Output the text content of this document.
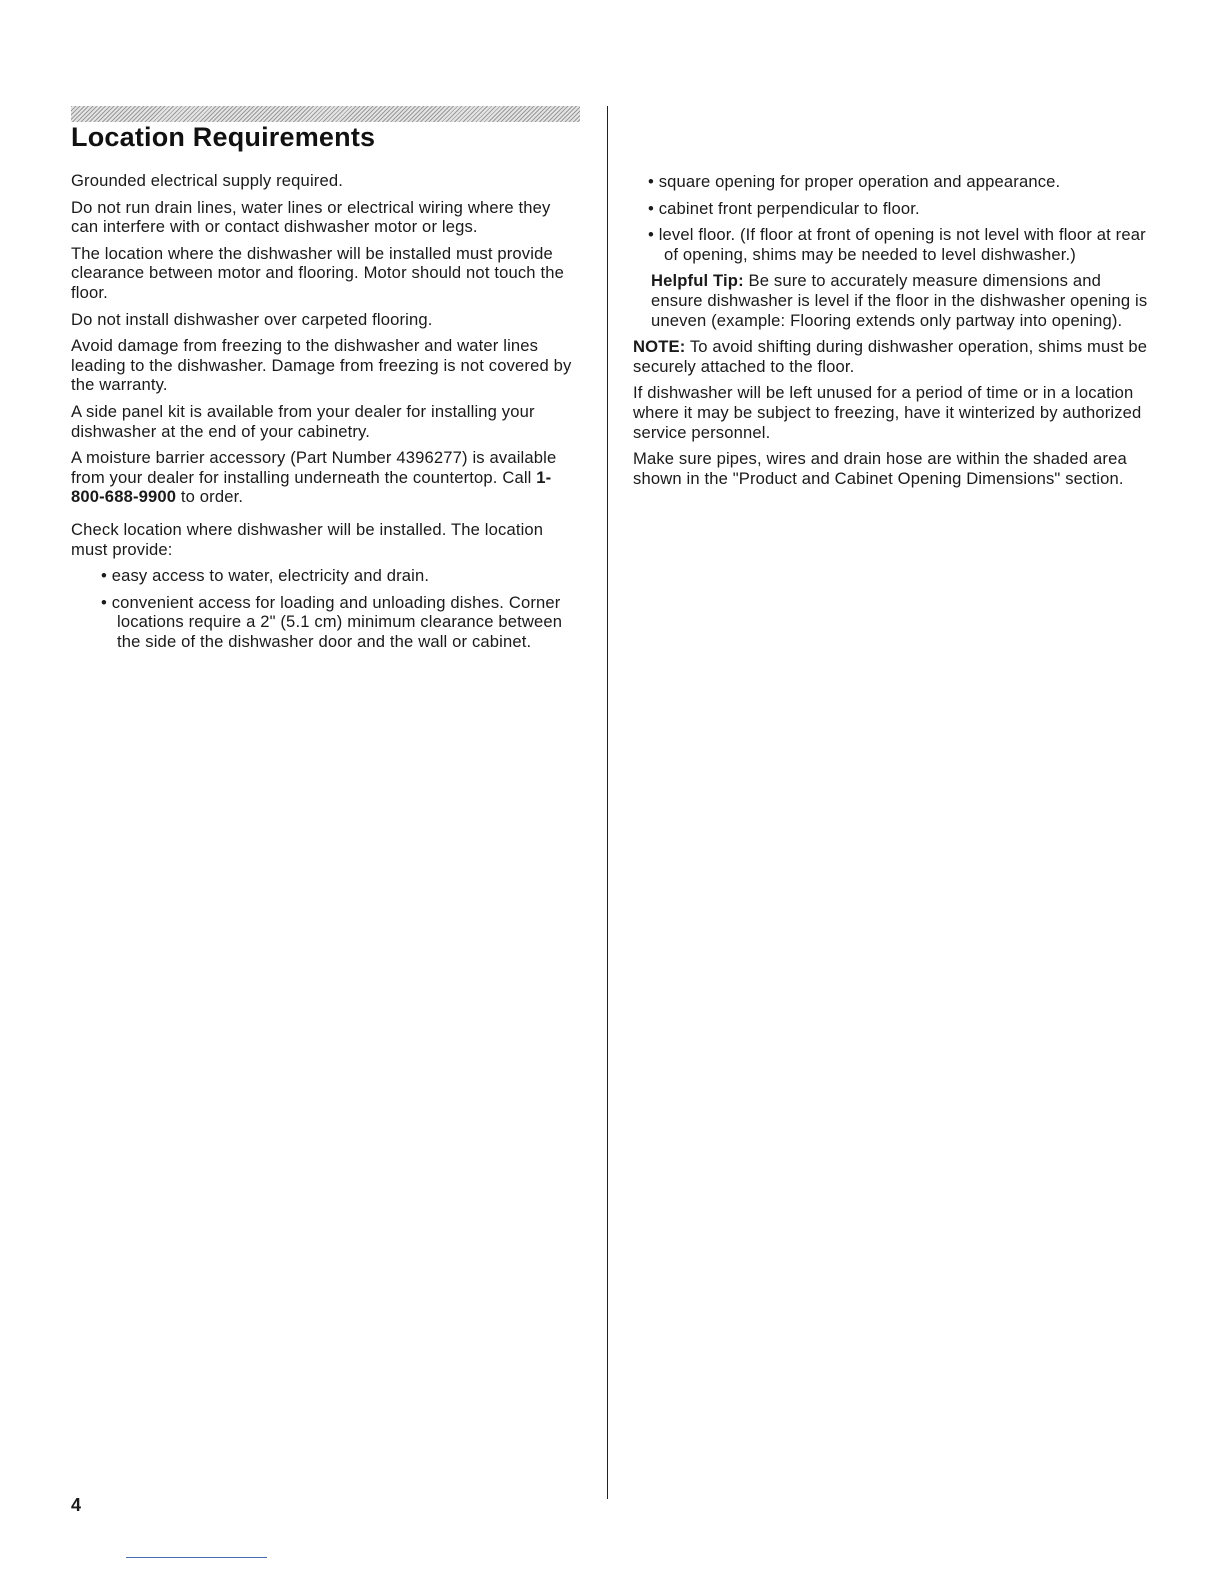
Location Requirements

Grounded electrical supply required.

Do not run drain lines, water lines or electrical wiring where they can interfere with or contact dishwasher motor or legs.

The location where the dishwasher will be installed must provide clearance between motor and flooring. Motor should not touch the floor.

Do not install dishwasher over carpeted flooring.

Avoid damage from freezing to the dishwasher and water lines leading to the dishwasher. Damage from freezing is not covered by the warranty.

A side panel kit is available from your dealer for installing your dishwasher at the end of your cabinetry.

A moisture barrier accessory (Part Number 4396277) is available from your dealer for installing underneath the countertop. Call 1-800-688-9900 to order.

Check location where dishwasher will be installed. The location must provide:

• easy access to water, electricity and drain.

• convenient access for loading and unloading dishes. Corner locations require a 2" (5.1 cm) minimum clearance between the side of the dishwasher door and the wall or cabinet.

• square opening for proper operation and appearance.

• cabinet front perpendicular to floor.

• level floor. (If floor at front of opening is not level with floor at rear of opening, shims may be needed to level dishwasher.)

Helpful Tip: Be sure to accurately measure dimensions and ensure dishwasher is level if the floor in the dishwasher opening is uneven (example: Flooring extends only partway into opening).

NOTE: To avoid shifting during dishwasher operation, shims must be securely attached to the floor.

If dishwasher will be left unused for a period of time or in a location where it may be subject to freezing, have it winterized by authorized service personnel.

Make sure pipes, wires and drain hose are within the shaded area shown in the "Product and Cabinet Opening Dimensions" section.

4
